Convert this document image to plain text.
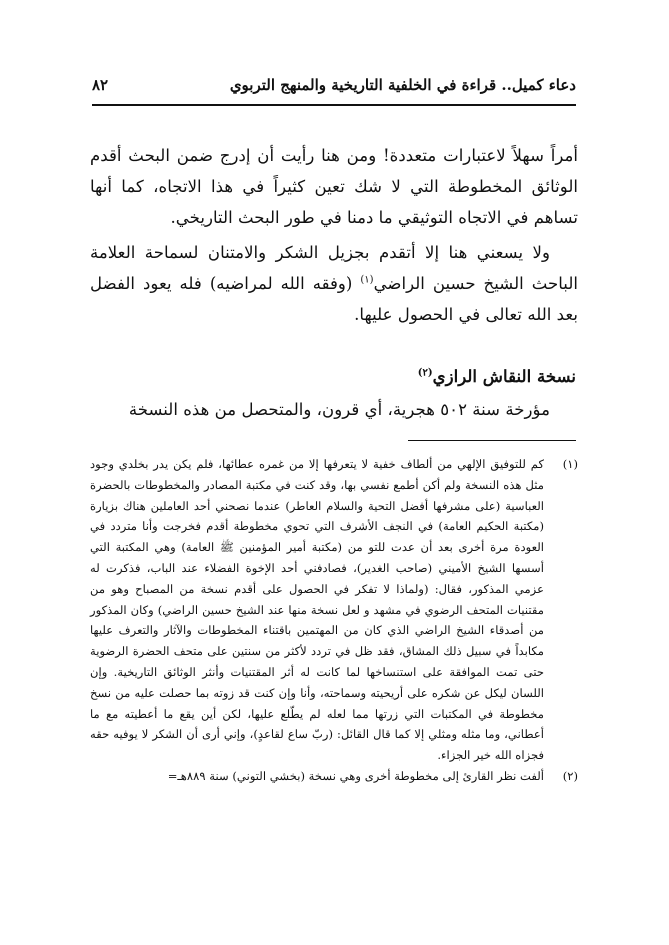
دعاء كميل.. قراءة في الخلفية التاريخية والمنهج التربوي
٨٢

أمراً سهلاً لاعتبارات متعددة! ومن هنا رأيت أن إدرج ضمن البحث أقدم الوثائق المخطوطة التي لا شك تعين كثيراً في هذا الاتجاه، كما أنها تساهم في الاتجاه التوثيقي ما دمنا في طور البحث التاريخي.

ولا يسعني هنا إلا أتقدم بجزيل الشكر والامتنان لسماحة العلامة الباحث الشيخ حسين الراضي$^{(١)}$ (وفقه الله لمراضيه) فله يعود الفضل بعد الله تعالى في الحصول عليها.

نسخة النقاش الرازي$^{(٢)}$

مؤرخة سنة ٥٠٢ هجرية، أي قرون، والمتحصل من هذه النسخة

(١)
كم للتوفيق الإلهي من ألطاف خفية لا يتعرفها إلا من غمره عطائها، فلم يكن يدر بخلدي وجود مثل هذه النسخة ولم أكن أطمع نفسي بها، وقد كنت في مكتبة المصادر والمخطوطات بالحضرة العباسية (على مشرفها أفضل التحية والسلام العاطر) عندما نصحني أحد العاملين هناك بزيارة (مكتبة الحكيم العامة) في النجف الأشرف التي تحوي مخطوطة أقدم فخرجت وأنا متردد في العودة مرة أخرى بعد أن عدت للتو من (مكتبة أمير المؤمنين ﷺ العامة) وهي المكتبة التي أسسها الشيخ الأميني (صاحب الغدير)، فصادفني أحد الإخوة الفضلاء عند الباب، فذكرت له عزمي المذكور، فقال: (ولماذا لا تفكر في الحصول على أقدم نسخة من المصباح وهو من مقتنيات المتحف الرضوي في مشهد و لعل نسخة منها عند الشيخ حسين الراضي) وكان المذكور من أصدقاء الشيخ الراضي الذي كان من المهتمين باقتناء المخطوطات والآثار والتعرف عليها مكابداً في سبيل ذلك المشاق، فقد ظل في تردد لأكثر من سنتين على متحف الحضرة الرضوية حتى تمت الموافقة على استنساخها لما كانت له أثر المقتنيات وأنثر الوثائق التاريخية. وإن اللسان ليكل عن شكره على أريحيته وسماحته، وأنا وإن كنت قد زوته بما حصلت عليه من نسخ مخطوطة في المكتبات التي زرتها مما لعله لم يطّلع عليها، لكن أين يقع ما أعطيته مع ما أعطاني، وما مثله ومثلي إلا كما قال القائل: (ربّ ساع لقاعدٍ)، وإني أرى أن الشكر لا يوفيه حقه فجزاه الله خير الجزاء.
(٢)
ألفت نظر القارئ إلى مخطوطة أخرى وهي نسخة (بخشي التوني) سنة ٨٨٩هـ=
